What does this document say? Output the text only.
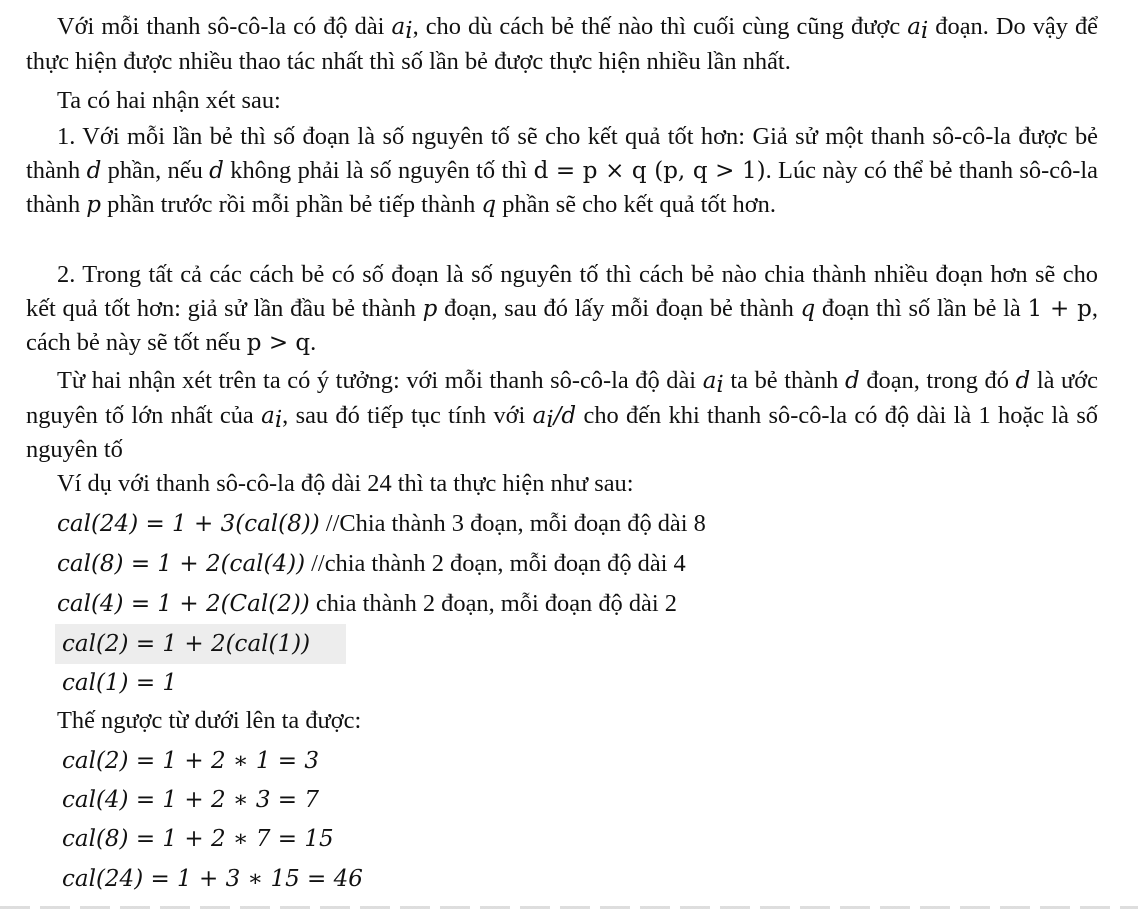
Với mỗi thanh sô-cô-la có độ dài $a_i$, cho dù cách bẻ thế nào thì cuối cùng cũng được $a_i$ đoạn. Do vậy để thực hiện được nhiều thao tác nhất thì số lần bẻ được thực hiện nhiều lần nhất.

Ta có hai nhận xét sau:

1. Với mỗi lần bẻ thì số đoạn là số nguyên tố sẽ cho kết quả tốt hơn: Giả sử một thanh sô-cô-la được bẻ thành d phần, nếu d không phải là số nguyên tố thì d = p × q (p, q > 1). Lúc này có thể bẻ thanh sô-cô-la thành p phần trước rồi mỗi phần bẻ tiếp thành q phần sẽ cho kết quả tốt hơn.

2. Trong tất cả các cách bẻ có số đoạn là số nguyên tố thì cách bẻ nào chia thành nhiều đoạn hơn sẽ cho kết quả tốt hơn: giả sử lần đầu bẻ thành p đoạn, sau đó lấy mỗi đoạn bẻ thành q đoạn thì số lần bẻ là 1 + p, cách bẻ này sẽ tốt nếu p > q.

Từ hai nhận xét trên ta có ý tưởng: với mỗi thanh sô-cô-la độ dài $a_i$ ta bẻ thành d đoạn, trong đó d là ước nguyên tố lớn nhất của $a_i$, sau đó tiếp tục tính với $a_i/d$ cho đến khi thanh sô-cô-la có độ dài là 1 hoặc là số nguyên tố

Ví dụ với thanh sô-cô-la độ dài 24 thì ta thực hiện như sau:

cal(24) = 1 + 3(cal(8)) //Chia thành 3 đoạn, mỗi đoạn độ dài 8
cal(8) = 1 + 2(cal(4)) //chia thành 2 đoạn, mỗi đoạn độ dài 4
cal(4) = 1 + 2(Cal(2)) chia thành 2 đoạn, mỗi đoạn độ dài 2
cal(2) = 1 + 2(cal(1))
cal(1) = 1

Thế ngược từ dưới lên ta được:

cal(2) = 1 + 2 ∗ 1 = 3
cal(4) = 1 + 2 ∗ 3 = 7
cal(8) = 1 + 2 ∗ 7 = 15
cal(24) = 1 + 3 ∗ 15 = 46
